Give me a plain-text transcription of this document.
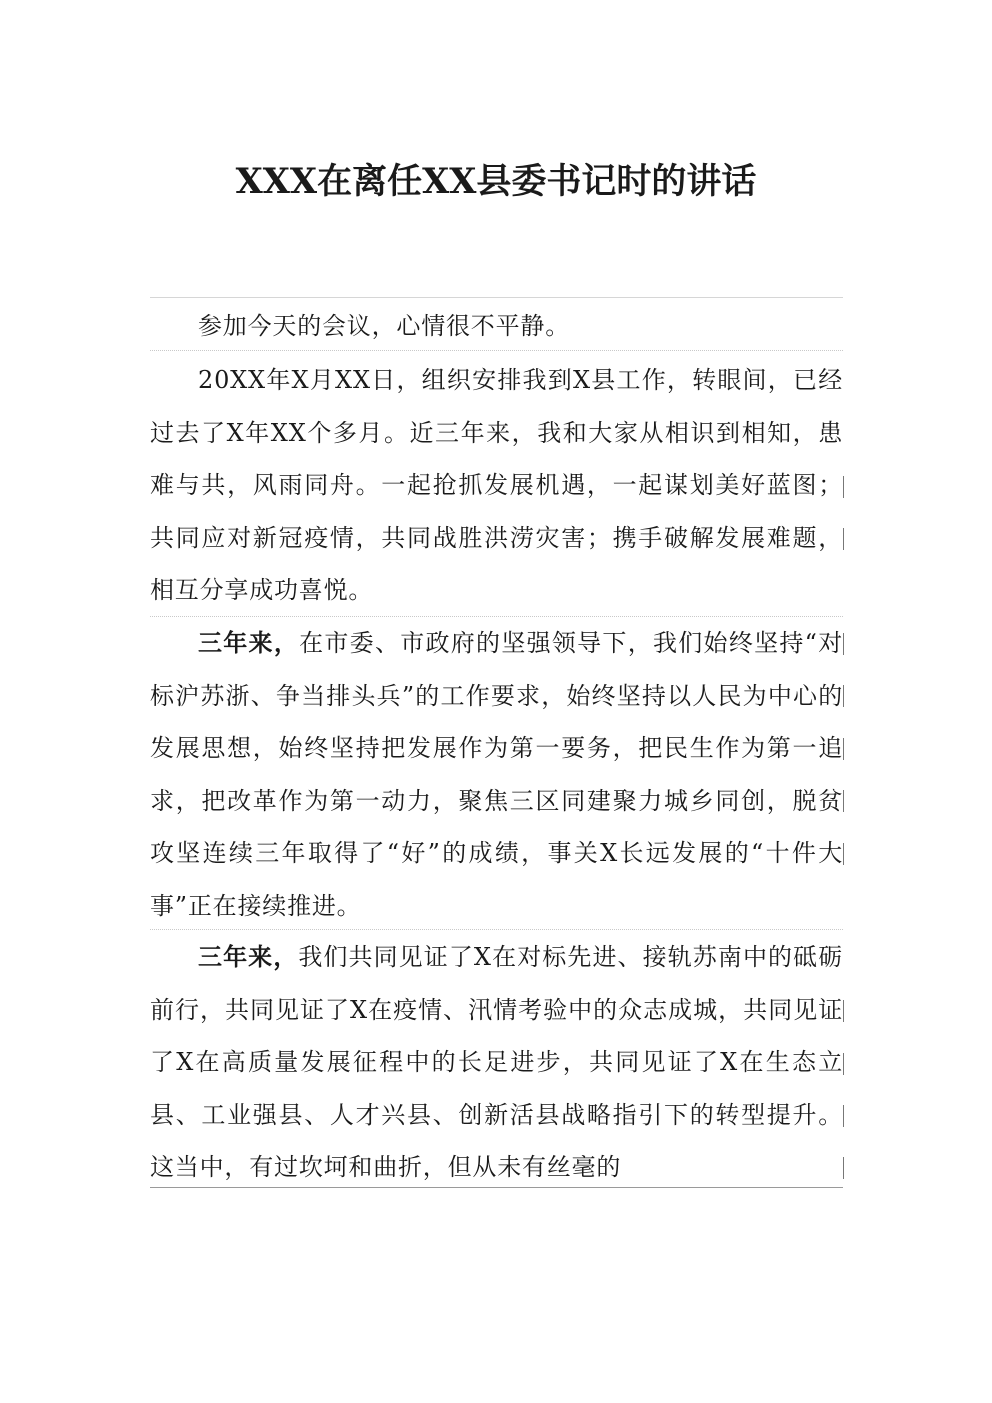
XXX在离任XX县委书记时的讲话

参加今天的会议，心情很不平静。

20XX年X月XX日，组织安排我到X县工作，转眼间，已经过去了X年XX个多月。近三年来，我和大家从相识到相知，患难与共，风雨同舟。一起抢抓发展机遇，一起谋划美好蓝图；共同应对新冠疫情，共同战胜洪涝灾害；携手破解发展难题，相互分享成功喜悦。

三年来，在市委、市政府的坚强领导下，我们始终坚持“对标沪苏浙、争当排头兵”的工作要求，始终坚持以人民为中心的发展思想，始终坚持把发展作为第一要务，把民生作为第一追求，把改革作为第一动力，聚焦三区同建聚力城乡同创，脱贫攻坚连续三年取得了“好”的成绩，事关X长远发展的“十件大事”正在接续推进。

三年来，我们共同见证了X在对标先进、接轨苏南中的砥砺前行，共同见证了X在疫情、汛情考验中的众志成城，共同见证了X在高质量发展征程中的长足进步，共同见证了X在生态立县、工业强县、人才兴县、创新活县战略指引下的转型提升。这当中，有过坎坷和曲折，但从未有丝毫的
